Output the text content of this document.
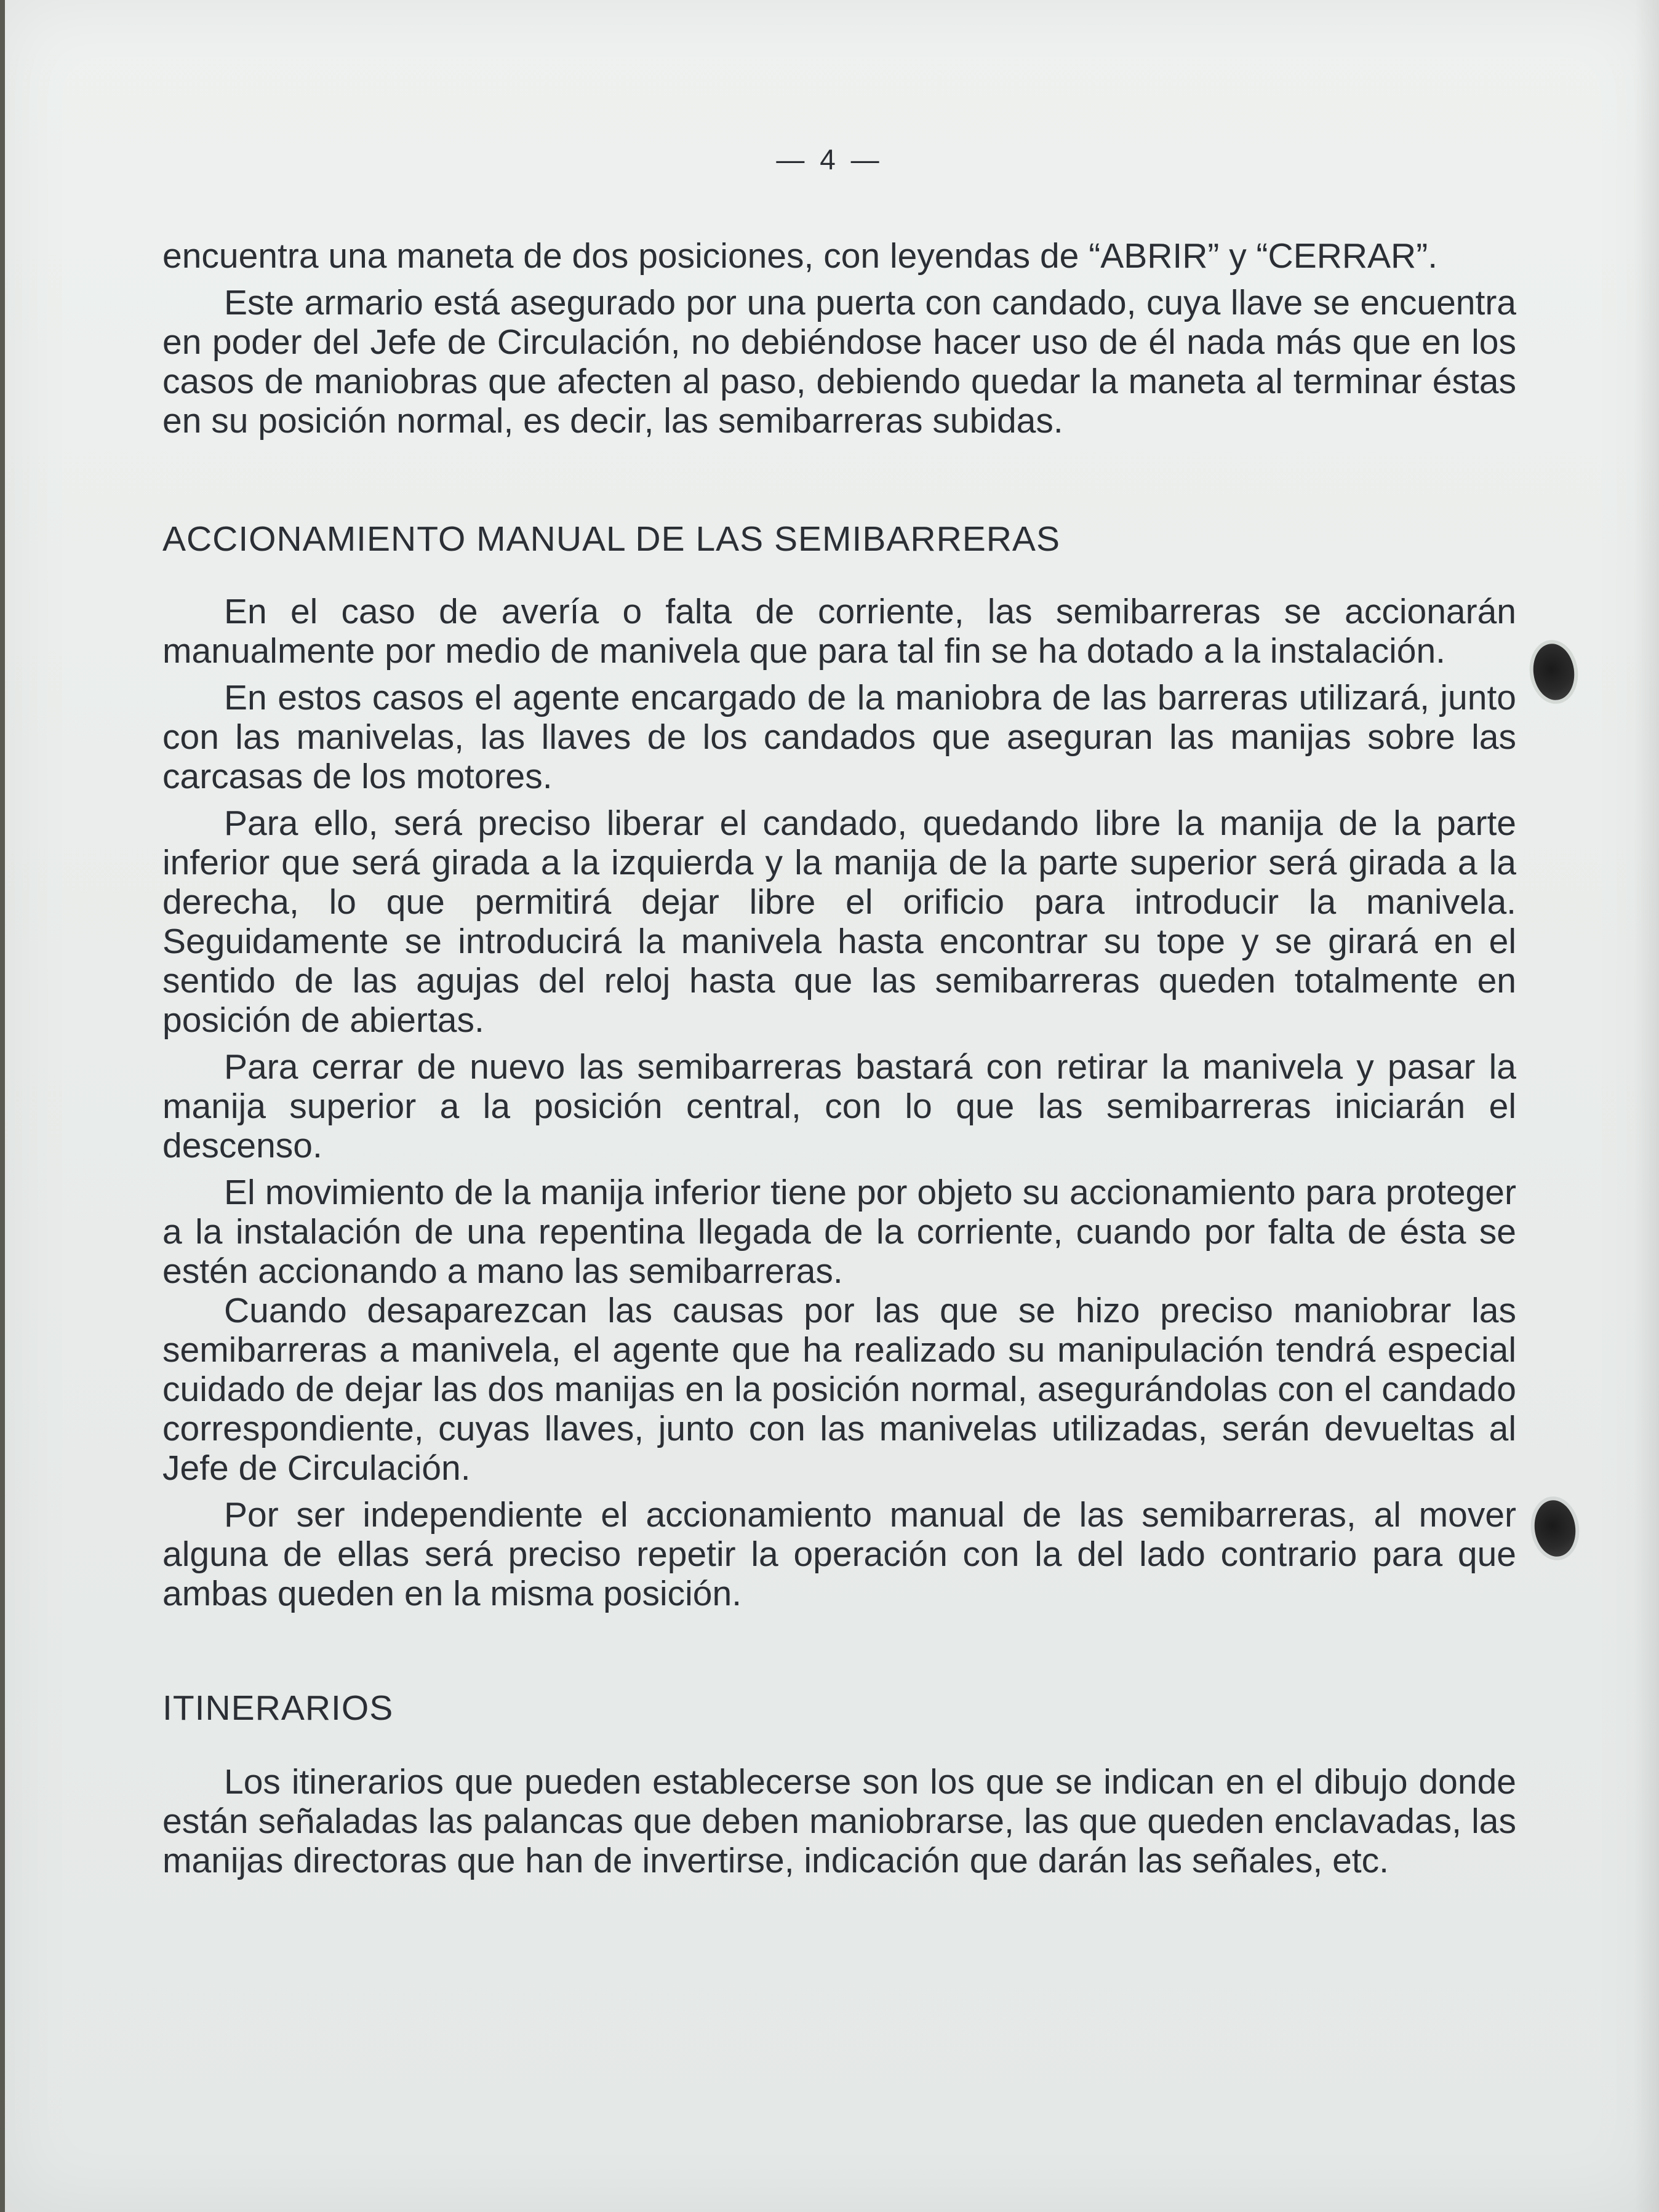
— 4 —

encuentra una maneta de dos posiciones, con leyendas de “ABRIR” y “CERRAR”.

Este armario está asegurado por una puerta con candado, cuya llave se encuentra en poder del Jefe de Circulación, no debiéndose hacer uso de él nada más que en los casos de maniobras que afecten al paso, debiendo quedar la maneta al terminar éstas en su posición normal, es decir, las semibarreras subidas.

ACCIONAMIENTO MANUAL DE LAS SEMIBARRERAS

En el caso de avería o falta de corriente, las semibarreras se accionarán manualmente por medio de manivela que para tal fin se ha dotado a la instalación.

En estos casos el agente encargado de la maniobra de las barreras utilizará, junto con las manivelas, las llaves de los candados que aseguran las manijas sobre las carcasas de los motores.

Para ello, será preciso liberar el candado, quedando libre la manija de la parte inferior que será girada a la izquierda y la manija de la parte superior será girada a la derecha, lo que permitirá dejar libre el orificio para introducir la manivela. Seguidamente se introducirá la manivela hasta encontrar su tope y se girará en el sentido de las agujas del reloj hasta que las semibarreras queden totalmente en posición de abiertas.

Para cerrar de nuevo las semibarreras bastará con retirar la manivela y pasar la manija superior a la posición central, con lo que las semibarreras iniciarán el descenso.

El movimiento de la manija inferior tiene por objeto su accionamiento para proteger a la instalación de una repentina llegada de la corriente, cuando por falta de ésta se estén accionando a mano las semibarreras.

Cuando desaparezcan las causas por las que se hizo preciso maniobrar las semibarreras a manivela, el agente que ha realizado su manipulación tendrá especial cuidado de dejar las dos manijas en la posición normal, asegurándolas con el candado correspondiente, cuyas llaves, junto con las manivelas utilizadas, serán devueltas al Jefe de Circulación.

Por ser independiente el accionamiento manual de las semibarreras, al mover alguna de ellas será preciso repetir la operación con la del lado contrario para que ambas queden en la misma posición.

ITINERARIOS

Los itinerarios que pueden establecerse son los que se indican en el dibujo donde están señaladas las palancas que deben maniobrarse, las que queden enclavadas, las manijas directoras que han de invertirse, indicación que darán las señales, etc.
